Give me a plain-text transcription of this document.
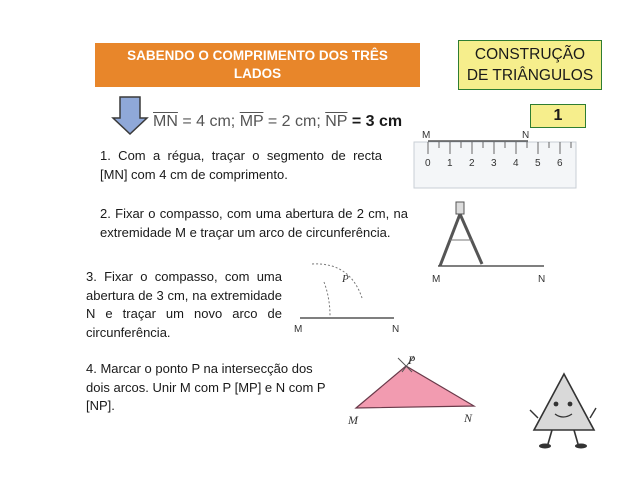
SABENDO O COMPRIMENTO DOS TRÊS
LADOS
CONSTRUÇÃO
DE TRIÂNGULOS
1
$\overline{MN} = 4$ cm; $\overline{MP} = 2$ cm; $\overline{NP} = 3$ cm
1. Com a régua, traçar o segmento de recta [MN] com 4 cm de comprimento.
2. Fixar o compasso, com uma abertura de 2 cm, na extremidade M e traçar um arco de circunferência.
3. Fixar o compasso, com uma abertura de 3 cm, na extremidade N e traçar um novo arco de circunferência.
4. Marcar o ponto P na intersecção dos dois arcos. Unir M com P [MP] e N com P [NP].
M	N
0 1 2 3 4 5 6
M	N
P
M	N
P
M	N
